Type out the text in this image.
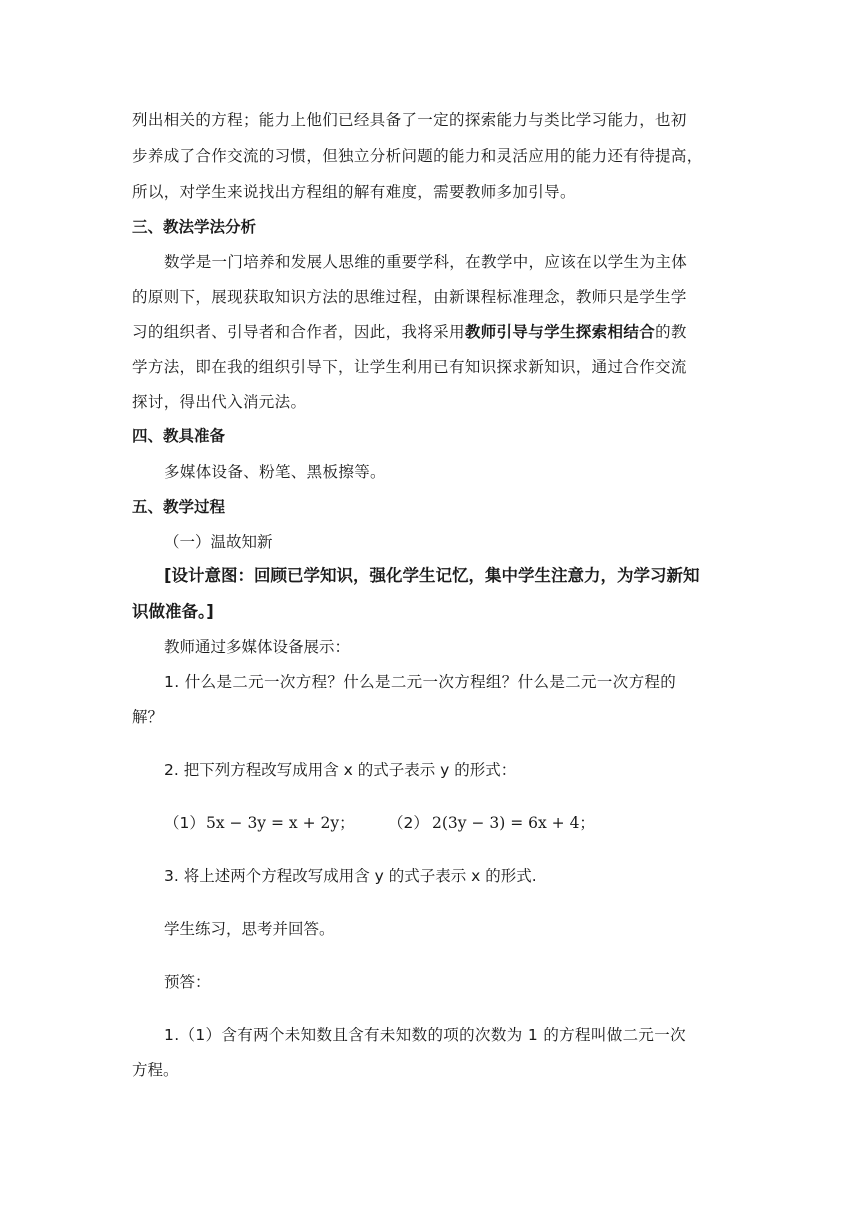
列出相关的方程；能力上他们已经具备了一定的探索能力与类比学习能力，也初
步养成了合作交流的习惯，但独立分析问题的能力和灵活应用的能力还有待提高，
所以，对学生来说找出方程组的解有难度，需要教师多加引导。
三、教法学法分析
数学是一门培养和发展人思维的重要学科，在教学中，应该在以学生为主体
的原则下，展现获取知识方法的思维过程，由新课程标准理念，教师只是学生学
习的组织者、引导者和合作者，因此，我将采用教师引导与学生探索相结合的教
学方法，即在我的组织引导下，让学生利用已有知识探求新知识，通过合作交流
探讨，得出代入消元法。
四、教具准备
多媒体设备、粉笔、黑板擦等。
五、教学过程
（一）温故知新
[设计意图：回顾已学知识，强化学生记忆，集中学生注意力，为学习新知
识做准备。]
教师通过多媒体设备展示：
1. 什么是二元一次方程？什么是二元一次方程组？什么是二元一次方程的
解？
2. 把下列方程改写成用含 x 的式子表示 y 的形式：
（1） 5x − 3y = x + 2y； （2） 2(3y − 3) = 6x + 4；
3. 将上述两个方程改写成用含 y 的式子表示 x 的形式.
学生练习，思考并回答。
预答：
1.（1）含有两个未知数且含有未知数的项的次数为 1 的方程叫做二元一次
方程。
